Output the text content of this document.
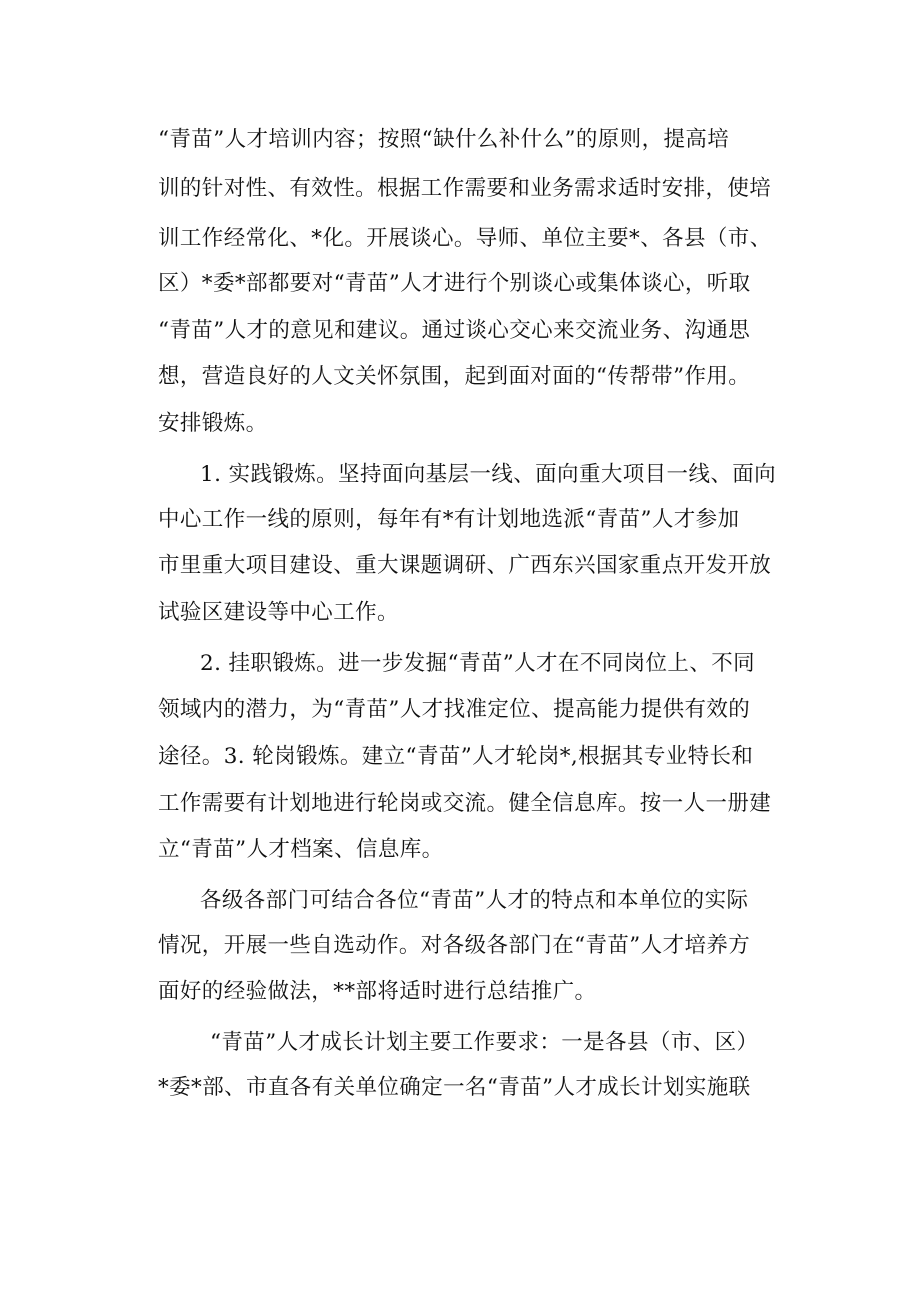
“青苗”人才培训内容；按照“缺什么补什么”的原则，提高培
训的针对性、有效性。根据工作需要和业务需求适时安排，使培
训工作经常化、*化。开展谈心。导师、单位主要*、各县（市、
区）*委*部都要对“青苗”人才进行个别谈心或集体谈心，听取
“青苗”人才的意见和建议。通过谈心交心来交流业务、沟通思
想，营造良好的人文关怀氛围，起到面对面的“传帮带”作用。
安排锻炼。
1. 实践锻炼。坚持面向基层一线、面向重大项目一线、面向
中心工作一线的原则，每年有*有计划地选派“青苗”人才参加
市里重大项目建设、重大课题调研、广西东兴国家重点开发开放
试验区建设等中心工作。
2. 挂职锻炼。进一步发掘“青苗”人才在不同岗位上、不同
领域内的潜力，为“青苗”人才找准定位、提高能力提供有效的
途径。3. 轮岗锻炼。建立“青苗”人才轮岗*,根据其专业特长和
工作需要有计划地进行轮岗或交流。健全信息库。按一人一册建
立“青苗”人才档案、信息库。
各级各部门可结合各位“青苗”人才的特点和本单位的实际
情况，开展一些自选动作。对各级各部门在“青苗”人才培养方
面好的经验做法，**部将适时进行总结推广。
“青苗”人才成长计划主要工作要求：一是各县（市、区）
*委*部、市直各有关单位确定一名“青苗”人才成长计划实施联
